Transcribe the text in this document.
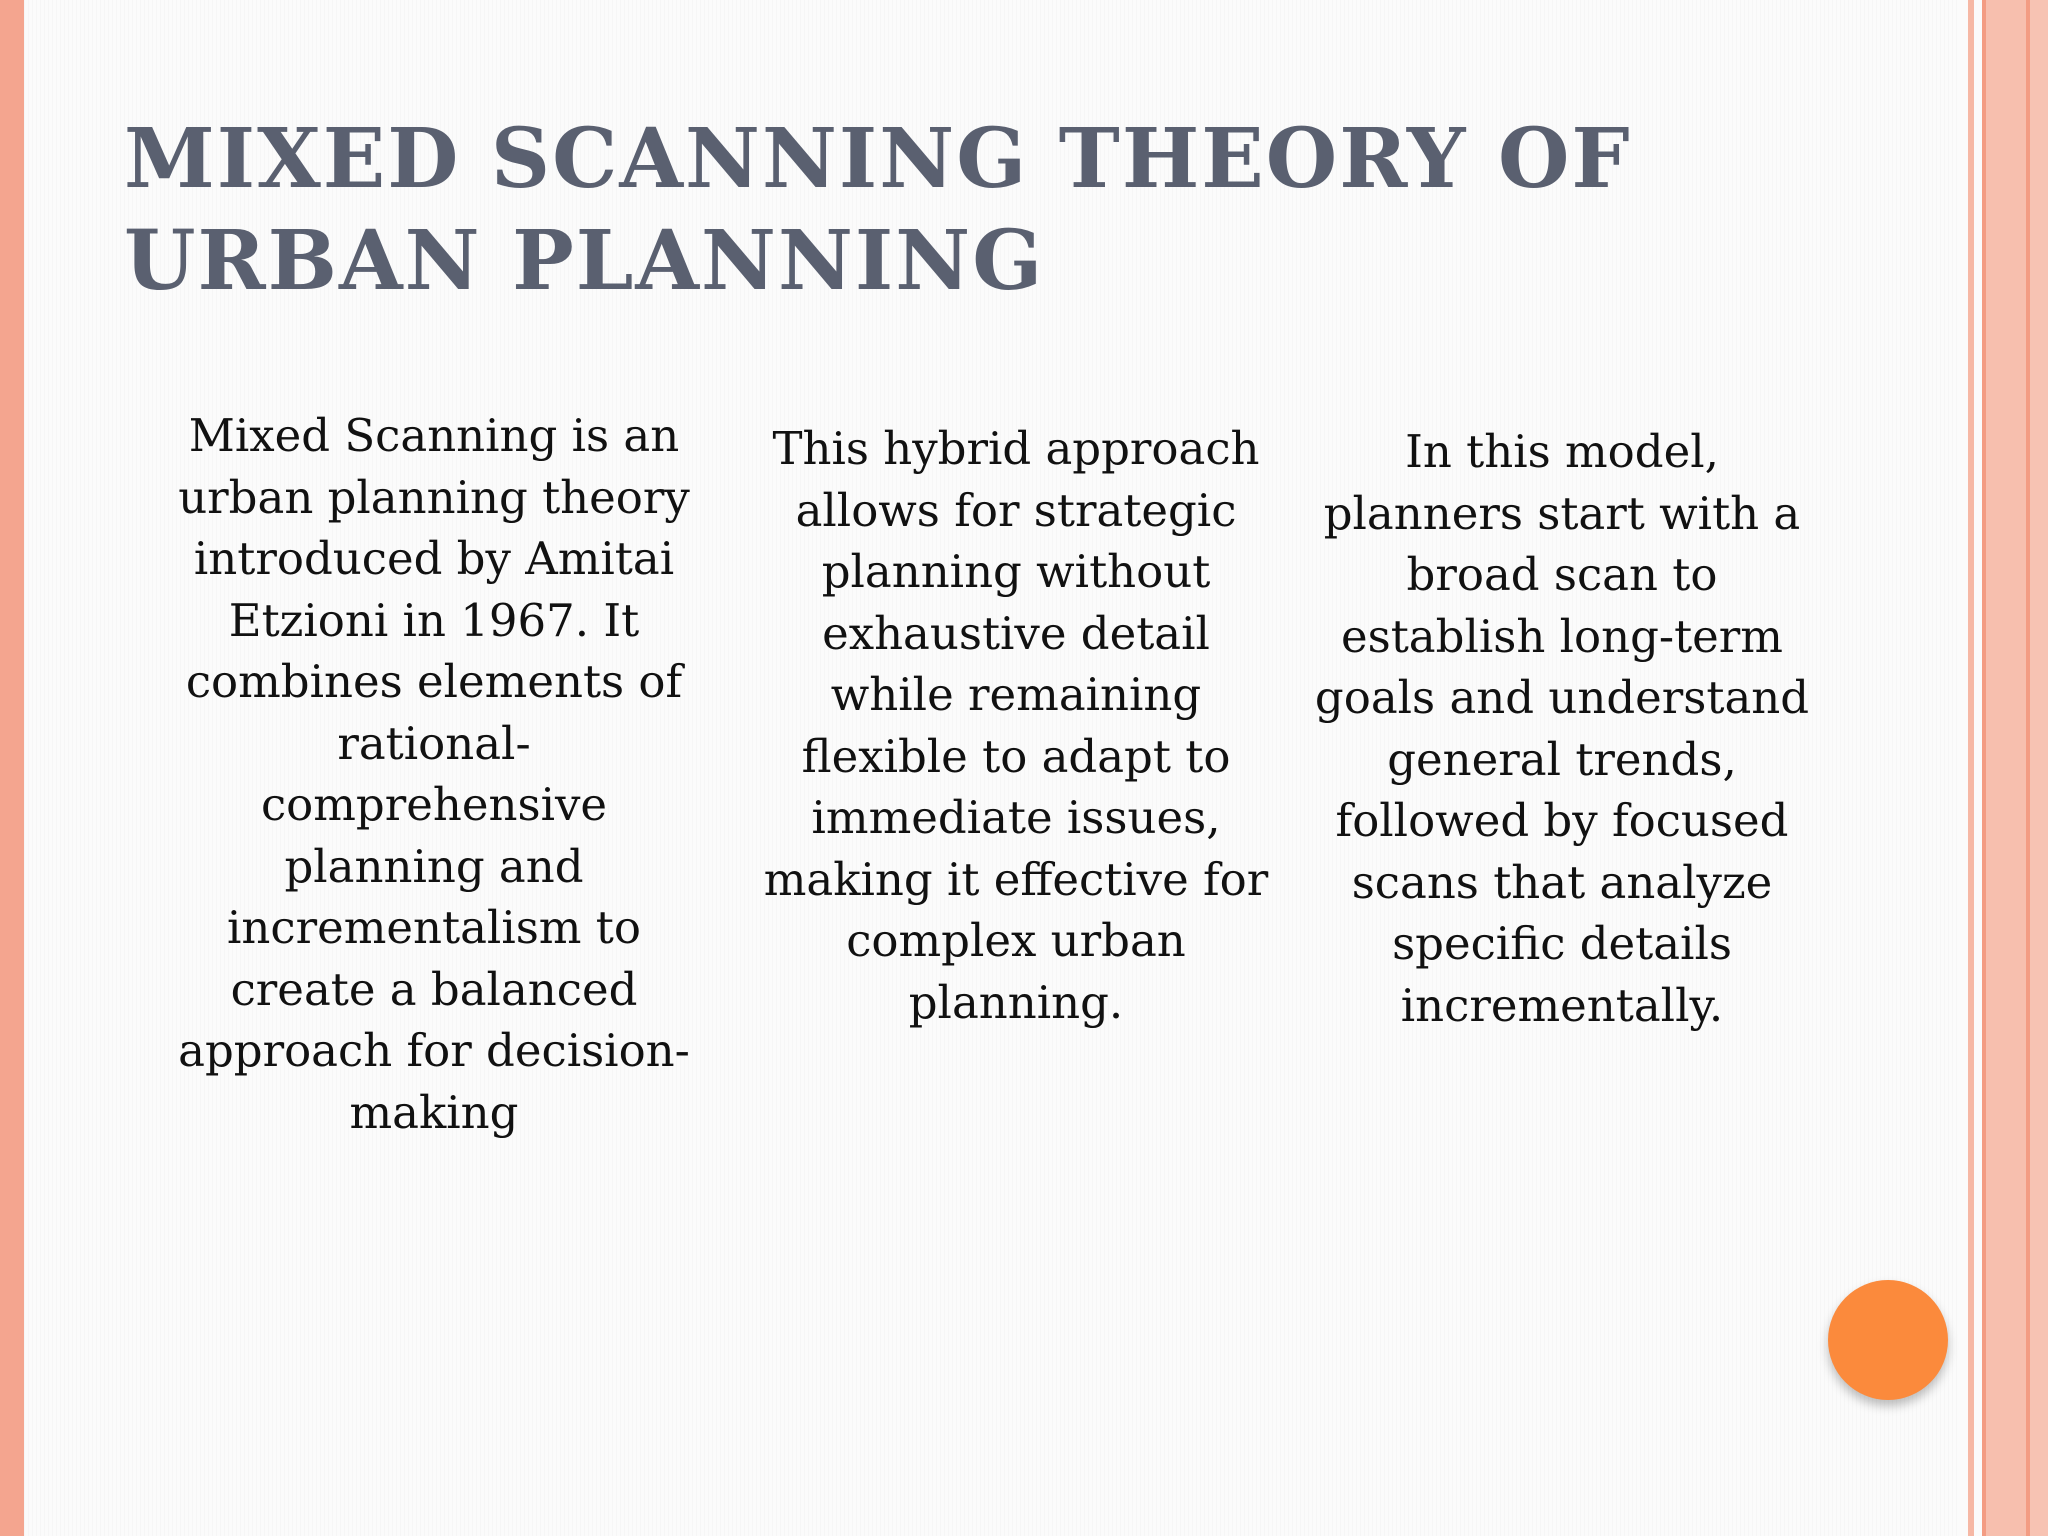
MIXED SCANNING THEORY OF URBAN PLANNING
Mixed Scanning is an urban planning theory introduced by Amitai Etzioni in 1967. It combines elements of rational-comprehensive planning and incrementalism to create a balanced approach for decision-making
This hybrid approach allows for strategic planning without exhaustive detail while remaining flexible to adapt to immediate issues, making it effective for complex urban planning.
In this model, planners start with a broad scan to establish long-term goals and understand general trends, followed by focused scans that analyze specific details incrementally.
